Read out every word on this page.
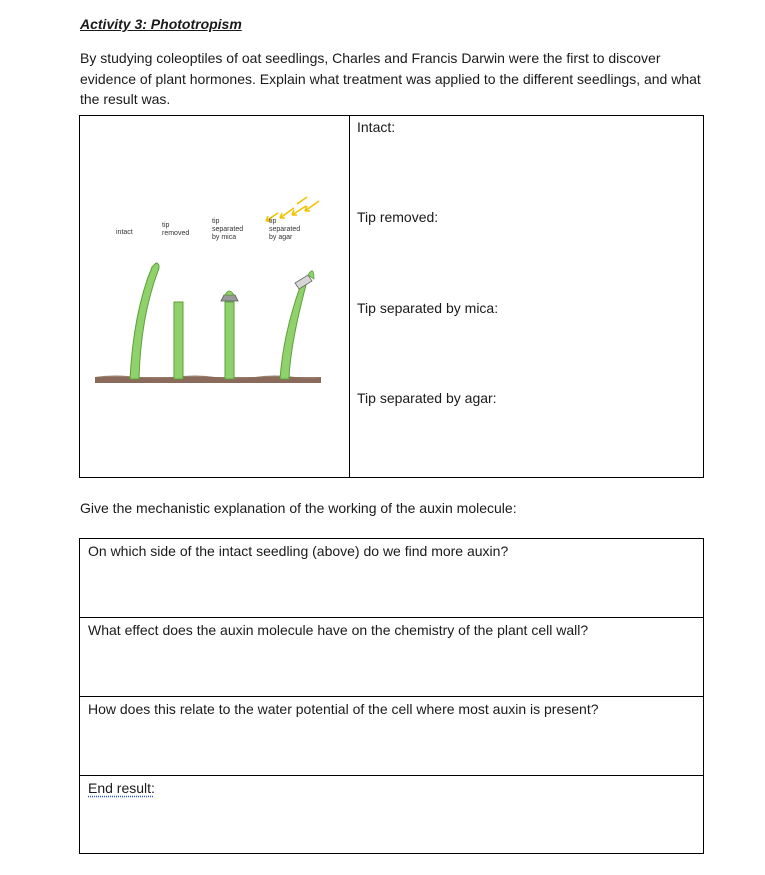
Activity 3: Phototropism
By studying coleoptiles of oat seedlings, Charles and Francis Darwin were the first to discover evidence of plant hormones. Explain what treatment was applied to the different seedlings, and what the result was.
intact
tip
removed
tip
separated
by mica
tip
separated
by agar
Intact:
Tip removed:
Tip separated by mica:
Tip separated by agar:
Give the mechanistic explanation of the working of the auxin molecule:
On which side of the intact seedling (above) do we find more auxin?
What effect does the auxin molecule have on the chemistry of the plant cell wall?
How does this relate to the water potential of the cell where most auxin is present?
End result:
